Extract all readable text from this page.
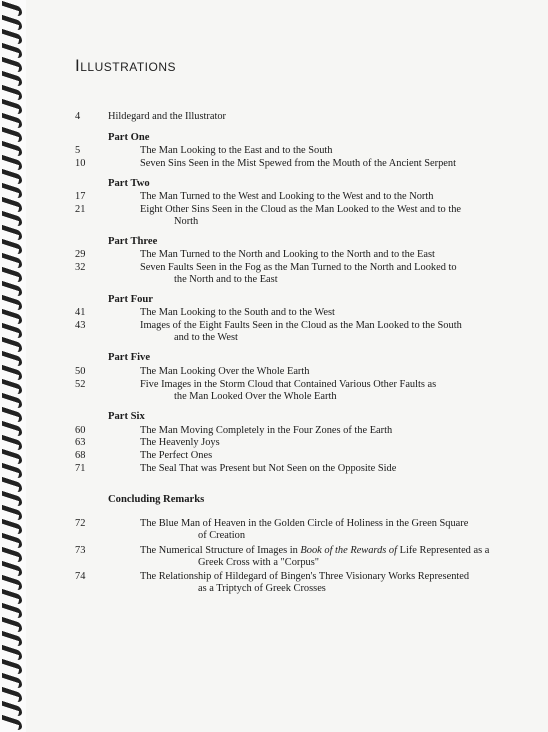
Illustrations
4	Hildegard and the Illustrator
Part One
5	The Man Looking to the East and to the South
10	Seven Sins Seen in the Mist Spewed from the Mouth of the Ancient Serpent
Part Two
17	The Man Turned to the West and Looking to the West and to the North
21	Eight Other Sins Seen in the Cloud as the Man Looked to the West and to the
North
Part Three
29	The Man Turned to the North and Looking to the North and to the East
32	Seven Faults Seen in the Fog as the Man Turned to the North and Looked to
the North and to the East
Part Four
41	The Man Looking to the South and to the West
43	Images of the Eight Faults Seen in the Cloud as the Man Looked to the South
and to the West
Part Five
50	The Man Looking Over the Whole Earth
52	Five Images in the Storm Cloud that Contained Various Other Faults as
the Man Looked Over the Whole Earth
Part Six
60	The Man Moving Completely in the Four Zones of the Earth
63	The Heavenly Joys
68	The Perfect Ones
71	The Seal That was Present but Not Seen on the Opposite Side
Concluding Remarks
72	The Blue Man of Heaven in the Golden Circle of Holiness in the Green Square
of Creation
73	The Numerical Structure of Images in Book of the Rewards of Life Represented as a
Greek Cross with a "Corpus"
74	The Relationship of Hildegard of Bingen's Three Visionary Works Represented
as a Triptych of Greek Crosses
